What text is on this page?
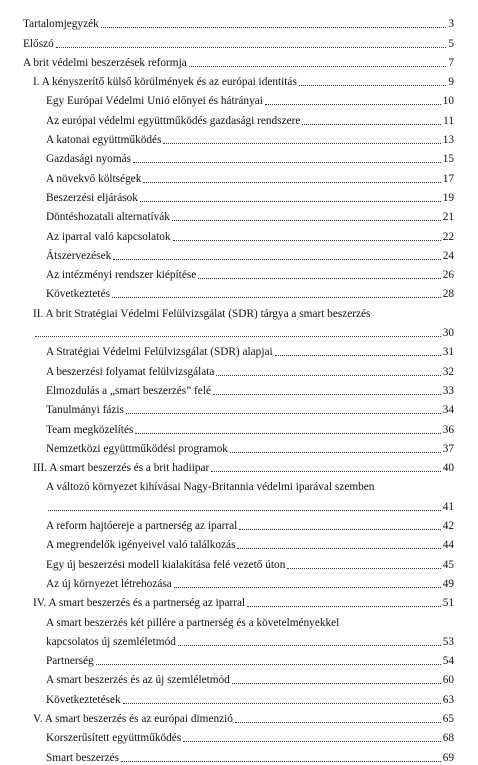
Tartalomjegyzék	3
Előszó	5
A brit védelmi beszerzések reformja	7
I. A kényszerítő külső körülmények és az európai identitás	9
Egy Európai Védelmi Unió előnyei és hátrányai	10
Az európai védelmi együttműködés gazdasági rendszere	11
A katonai együttműködés	13
Gazdasági nyomás	15
A növekvő költségek	17
Beszerzési eljárások	19
Döntéshozatali alternatívák	21
Az iparral való kapcsolatok	22
Átszervezések	24
Az intézményi rendszer kiépítése	26
Következtetés	28
II. A brit Stratégiai Védelmi Felülvizsgálat (SDR) tárgya a smart beszerzés
30
A Stratégiai Védelmi Felülvizsgálat (SDR) alapjai	31
A beszerzési folyamat felülvizsgálata	32
Elmozdulás a „smart beszerzés” felé	33
Tanulmányi fázis	34
Team megközelítés	36
Nemzetközi együttműködési programok	37
III. A smart beszerzés és a brit hadiipar	40
A változó környezet kihívásai Nagy-Britannia védelmi iparával szemben
41
A reform hajtóereje a partnerség az iparral	42
A megrendelők igényeivel való találkozás	44
Egy új beszerzési modell kialakítása felé vezető úton	45
Az új környezet létrehozása	49
IV. A smart beszerzés és a partnerség az iparral	51
A smart beszerzés két pillére a partnerség és a követelményekkel
kapcsolatos új szemléletmód	53
Partnerség	54
A smart beszerzés és az új szemléletmód	60
Következtetések	63
V. A smart beszerzés és az európai dimenzió	65
Korszerűsített együttműködés	68
Smart beszerzés	69
